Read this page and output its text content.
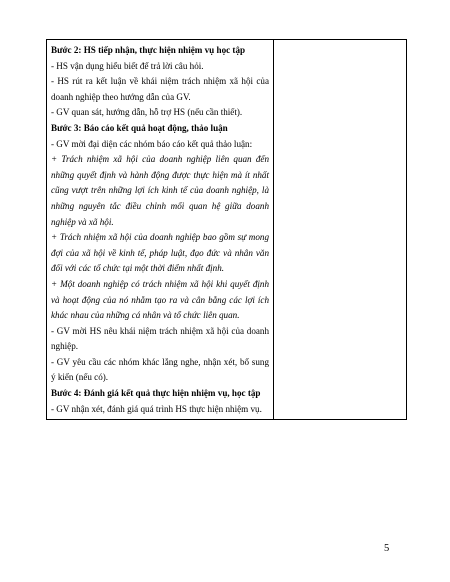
Bước 2: HS tiếp nhận, thực hiện nhiệm vụ học tập

- HS vận dụng hiểu biết để trả lời câu hỏi.

- HS rút ra kết luận về khái niệm trách nhiệm xã hội của doanh nghiệp theo hướng dẫn của GV.

- GV quan sát, hướng dẫn, hỗ trợ HS (nếu cần thiết).

Bước 3: Báo cáo kết quả hoạt động, thảo luận

- GV mời đại diện các nhóm báo cáo kết quả thảo luận:

+ Trách nhiệm xã hội của doanh nghiệp liên quan đến những quyết định và hành động được thực hiện mà ít nhất cũng vượt trên những lợi ích kinh tế của doanh nghiệp, là những nguyên tắc điều chỉnh mối quan hệ giữa doanh nghiệp và xã hội.

+ Trách nhiệm xã hội của doanh nghiệp bao gồm sự mong đợi của xã hội về kinh tế, pháp luật, đạo đức và nhân văn đối với các tổ chức tại một thời điểm nhất định.

+ Một doanh nghiệp có trách nhiệm xã hội khi quyết định và hoạt động của nó nhằm tạo ra và cân bằng các lợi ích khác nhau của những cá nhân và tổ chức liên quan.

- GV mời HS nêu khái niệm trách nhiệm xã hội của doanh nghiệp.

- GV yêu cầu các nhóm khác lắng nghe, nhận xét, bổ sung ý kiến (nếu có).

Bước 4: Đánh giá kết quả thực hiện nhiệm vụ, học tập

- GV nhận xét, đánh giá quá trình HS thực hiện nhiệm vụ.

5
